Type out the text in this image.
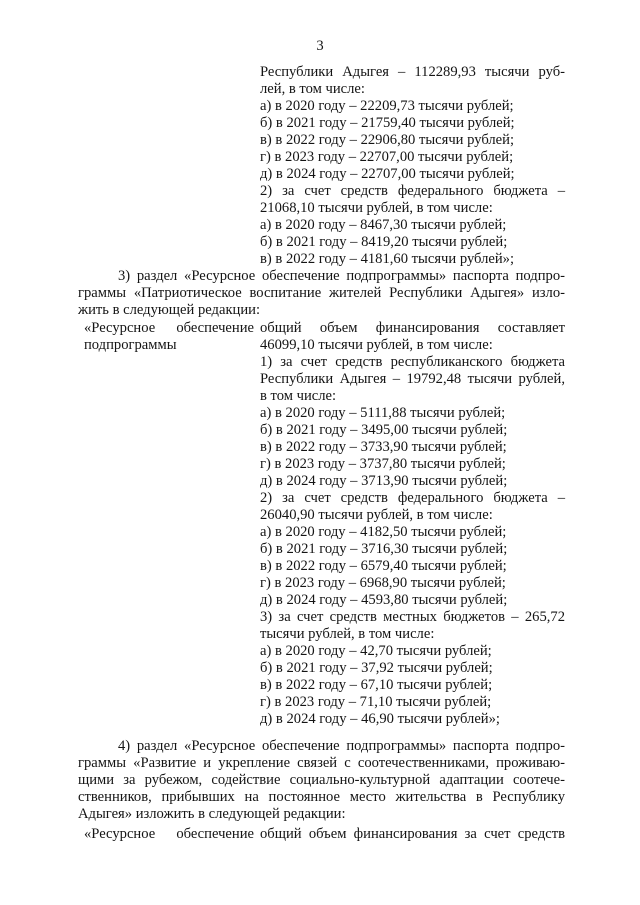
3
Республики Адыгея – 112289,93 тысячи руб-
лей, в том числе:
а) в 2020 году – 22209,73 тысячи рублей;
б) в 2021 году – 21759,40 тысячи рублей;
в) в 2022 году – 22906,80 тысячи рублей;
г) в 2023 году – 22707,00 тысячи рублей;
д) в 2024 году – 22707,00 тысячи рублей;
2) за счет средств федерального бюджета –
21068,10 тысячи рублей, в том числе:
а) в 2020 году – 8467,30 тысячи рублей;
б) в 2021 году – 8419,20 тысячи рублей;
в) в 2022 году – 4181,60 тысячи рублей»;
3) раздел «Ресурсное обеспечение подпрограммы» паспорта подпро-
граммы «Патриотическое воспитание жителей Республики Адыгея» изло-
жить в следующей редакции:
«Ресурсное обеспечение
подпрограммы
общий объем финансирования составляет
46099,10 тысячи рублей, в том числе:
1) за счет средств республиканского бюджета
Республики Адыгея – 19792,48 тысячи рублей,
в том числе:
а) в 2020 году – 5111,88 тысячи рублей;
б) в 2021 году – 3495,00 тысячи рублей;
в) в 2022 году – 3733,90 тысячи рублей;
г) в 2023 году – 3737,80 тысячи рублей;
д) в 2024 году – 3713,90 тысячи рублей;
2) за счет средств федерального бюджета –
26040,90 тысячи рублей, в том числе:
а) в 2020 году – 4182,50 тысячи рублей;
б) в 2021 году – 3716,30 тысячи рублей;
в) в 2022 году – 6579,40 тысячи рублей;
г) в 2023 году – 6968,90 тысячи рублей;
д) в 2024 году – 4593,80 тысячи рублей;
3) за счет средств местных бюджетов – 265,72
тысячи рублей, в том числе:
а) в 2020 году – 42,70 тысячи рублей;
б) в 2021 году – 37,92 тысячи рублей;
в) в 2022 году – 67,10 тысячи рублей;
г) в 2023 году – 71,10 тысячи рублей;
д) в 2024 году – 46,90 тысячи рублей»;
4) раздел «Ресурсное обеспечение подпрограммы» паспорта подпро-
граммы «Развитие и укрепление связей с соотечественниками, проживаю-
щими за рубежом, содействие социально-культурной адаптации соотече-
ственников, прибывших на постоянное место жительства в Республику
Адыгея» изложить в следующей редакции:
«Ресурсное обеспечение общий объем финансирования за счет средств
